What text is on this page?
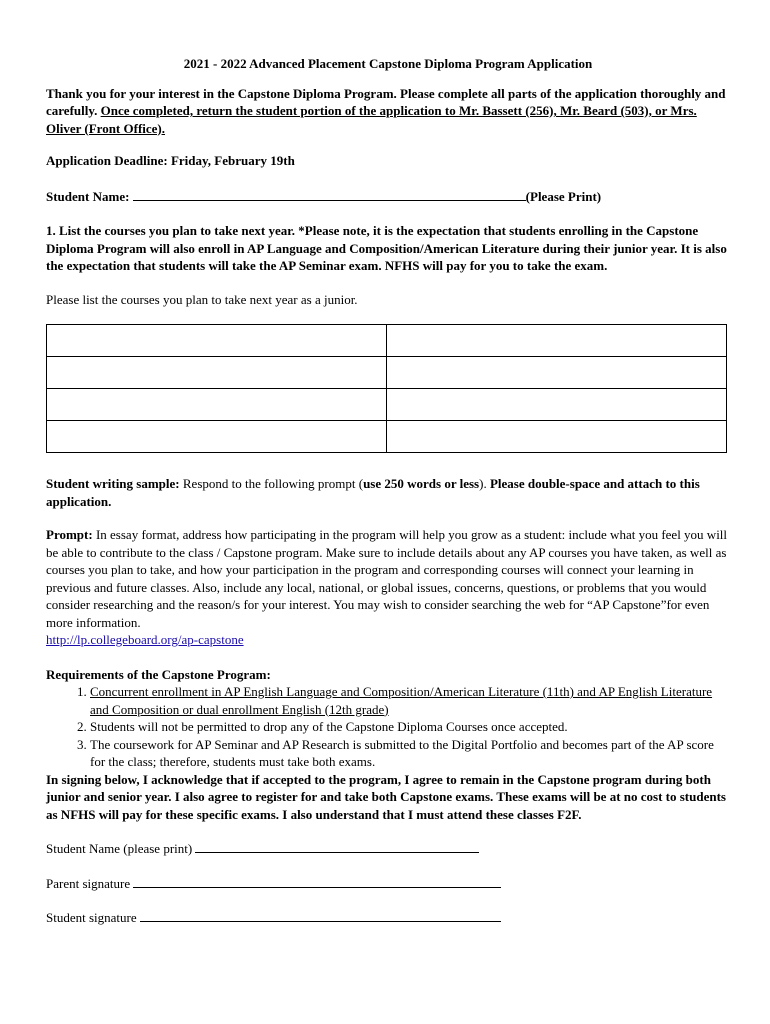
2021 - 2022 Advanced Placement Capstone Diploma Program Application

Thank you for your interest in the Capstone Diploma Program. Please complete all parts of the application thoroughly and carefully. Once completed, return the student portion of the application to Mr. Bassett (256), Mr. Beard (503), or Mrs. Oliver (Front Office).

Application Deadline: Friday, February 19th

Student Name:	(Please Print)

1. List the courses you plan to take next year. *Please note, it is the expectation that students enrolling in the Capstone Diploma Program will also enroll in AP Language and Composition/American Literature during their junior year. It is also the expectation that students will take the AP Seminar exam. NFHS will pay for you to take the exam.

Please list the courses you plan to take next year as a junior.

Student writing sample: Respond to the following prompt (use 250 words or less). Please double-space and attach to this application.

Prompt: In essay format, address how participating in the program will help you grow as a student: include what you feel you will be able to contribute to the class / Capstone program. Make sure to include details about any AP courses you have taken, as well as courses you plan to take, and how your participation in the program and corresponding courses will connect your learning in previous and future classes. Also, include any local, national, or global issues, concerns, questions, or problems that you would consider researching and the reason/s for your interest. You may wish to consider searching the web for “AP Capstone”for even more information.
http://lp.collegeboard.org/ap-capstone

Requirements of the Capstone Program:
1. Concurrent enrollment in AP English Language and Composition/American Literature (11th) and AP English Literature and Composition or dual enrollment English (12th grade)
2. Students will not be permitted to drop any of the Capstone Diploma Courses once accepted.
3. The coursework for AP Seminar and AP Research is submitted to the Digital Portfolio and becomes part of the AP score for the class; therefore, students must take both exams.

In signing below, I acknowledge that if accepted to the program, I agree to remain in the Capstone program during both junior and senior year. I also agree to register for and take both Capstone exams. These exams will be at no cost to students as NFHS will pay for these specific exams. I also understand that I must attend these classes F2F.

Student Name (please print)
Parent signature
Student signature
